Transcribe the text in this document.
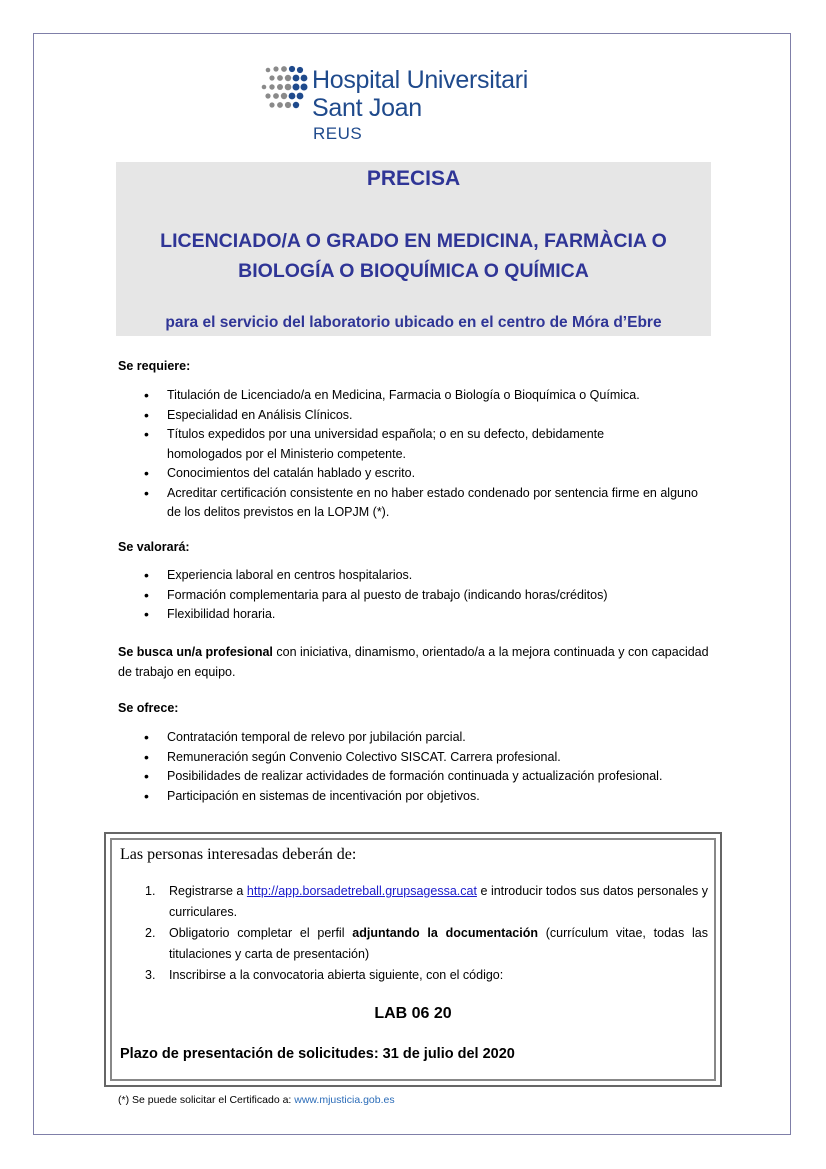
Hospital Universitari
Sant Joan
REUS
PRECISA
LICENCIADO/A O GRADO EN MEDICINA, FARMÀCIA O
BIOLOGÍA O BIOQUÍMICA O QUÍMICA
para el servicio del laboratorio ubicado en el centro de Móra d’Ebre
Se requiere:
• Titulación de Licenciado/a en Medicina, Farmacia o Biología o Bioquímica o Química.
• Especialidad en Análisis Clínicos.
• Títulos expedidos por una universidad española; o en su defecto, debidamente homologados por el Ministerio competente.
• Conocimientos del catalán hablado y escrito.
• Acreditar certificación consistente en no haber estado condenado por sentencia firme en alguno de los delitos previstos en la LOPJM (*).
Se valorará:
• Experiencia laboral en centros hospitalarios.
• Formación complementaria para al puesto de trabajo (indicando horas/créditos)
• Flexibilidad horaria.
Se busca un/a profesional con iniciativa, dinamismo, orientado/a a la mejora continuada y con capacidad de trabajo en equipo.
Se ofrece:
• Contratación temporal de relevo por jubilación parcial.
• Remuneración según Convenio Colectivo SISCAT. Carrera profesional.
• Posibilidades de realizar actividades de formación continuada y actualización profesional.
• Participación en sistemas de incentivación por objetivos.
Las personas interesadas deberán de:
1. Registrarse a http://app.borsadetreball.grupsagessa.cat e introducir todos sus datos personales y curriculares.
2. Obligatorio completar el perfil adjuntando la documentación (currículum vitae, todas las titulaciones y carta de presentación)
3. Inscribirse a la convocatoria abierta siguiente, con el código:
LAB 06 20
Plazo de presentación de solicitudes: 31 de julio del 2020
(*) Se puede solicitar el Certificado a: www.mjusticia.gob.es
